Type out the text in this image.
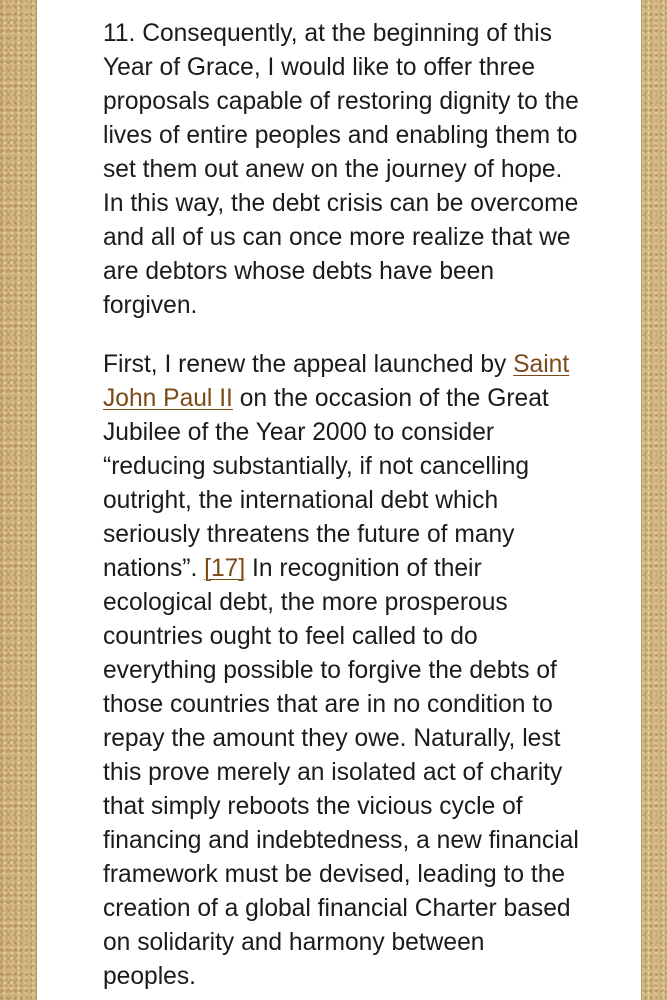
11. Consequently, at the beginning of this Year of Grace, I would like to offer three proposals capable of restoring dignity to the lives of entire peoples and enabling them to set them out anew on the journey of hope. In this way, the debt crisis can be overcome and all of us can once more realize that we are debtors whose debts have been forgiven.

First, I renew the appeal launched by Saint John Paul II on the occasion of the Great Jubilee of the Year 2000 to consider “reducing substantially, if not cancelling outright, the international debt which seriously threatens the future of many nations”. [17] In recognition of their ecological debt, the more prosperous countries ought to feel called to do everything possible to forgive the debts of those countries that are in no condition to repay the amount they owe. Naturally, lest this prove merely an isolated act of charity that simply reboots the vicious cycle of financing and indebtedness, a new financial framework must be devised, leading to the creation of a global financial Charter based on solidarity and harmony between peoples.
